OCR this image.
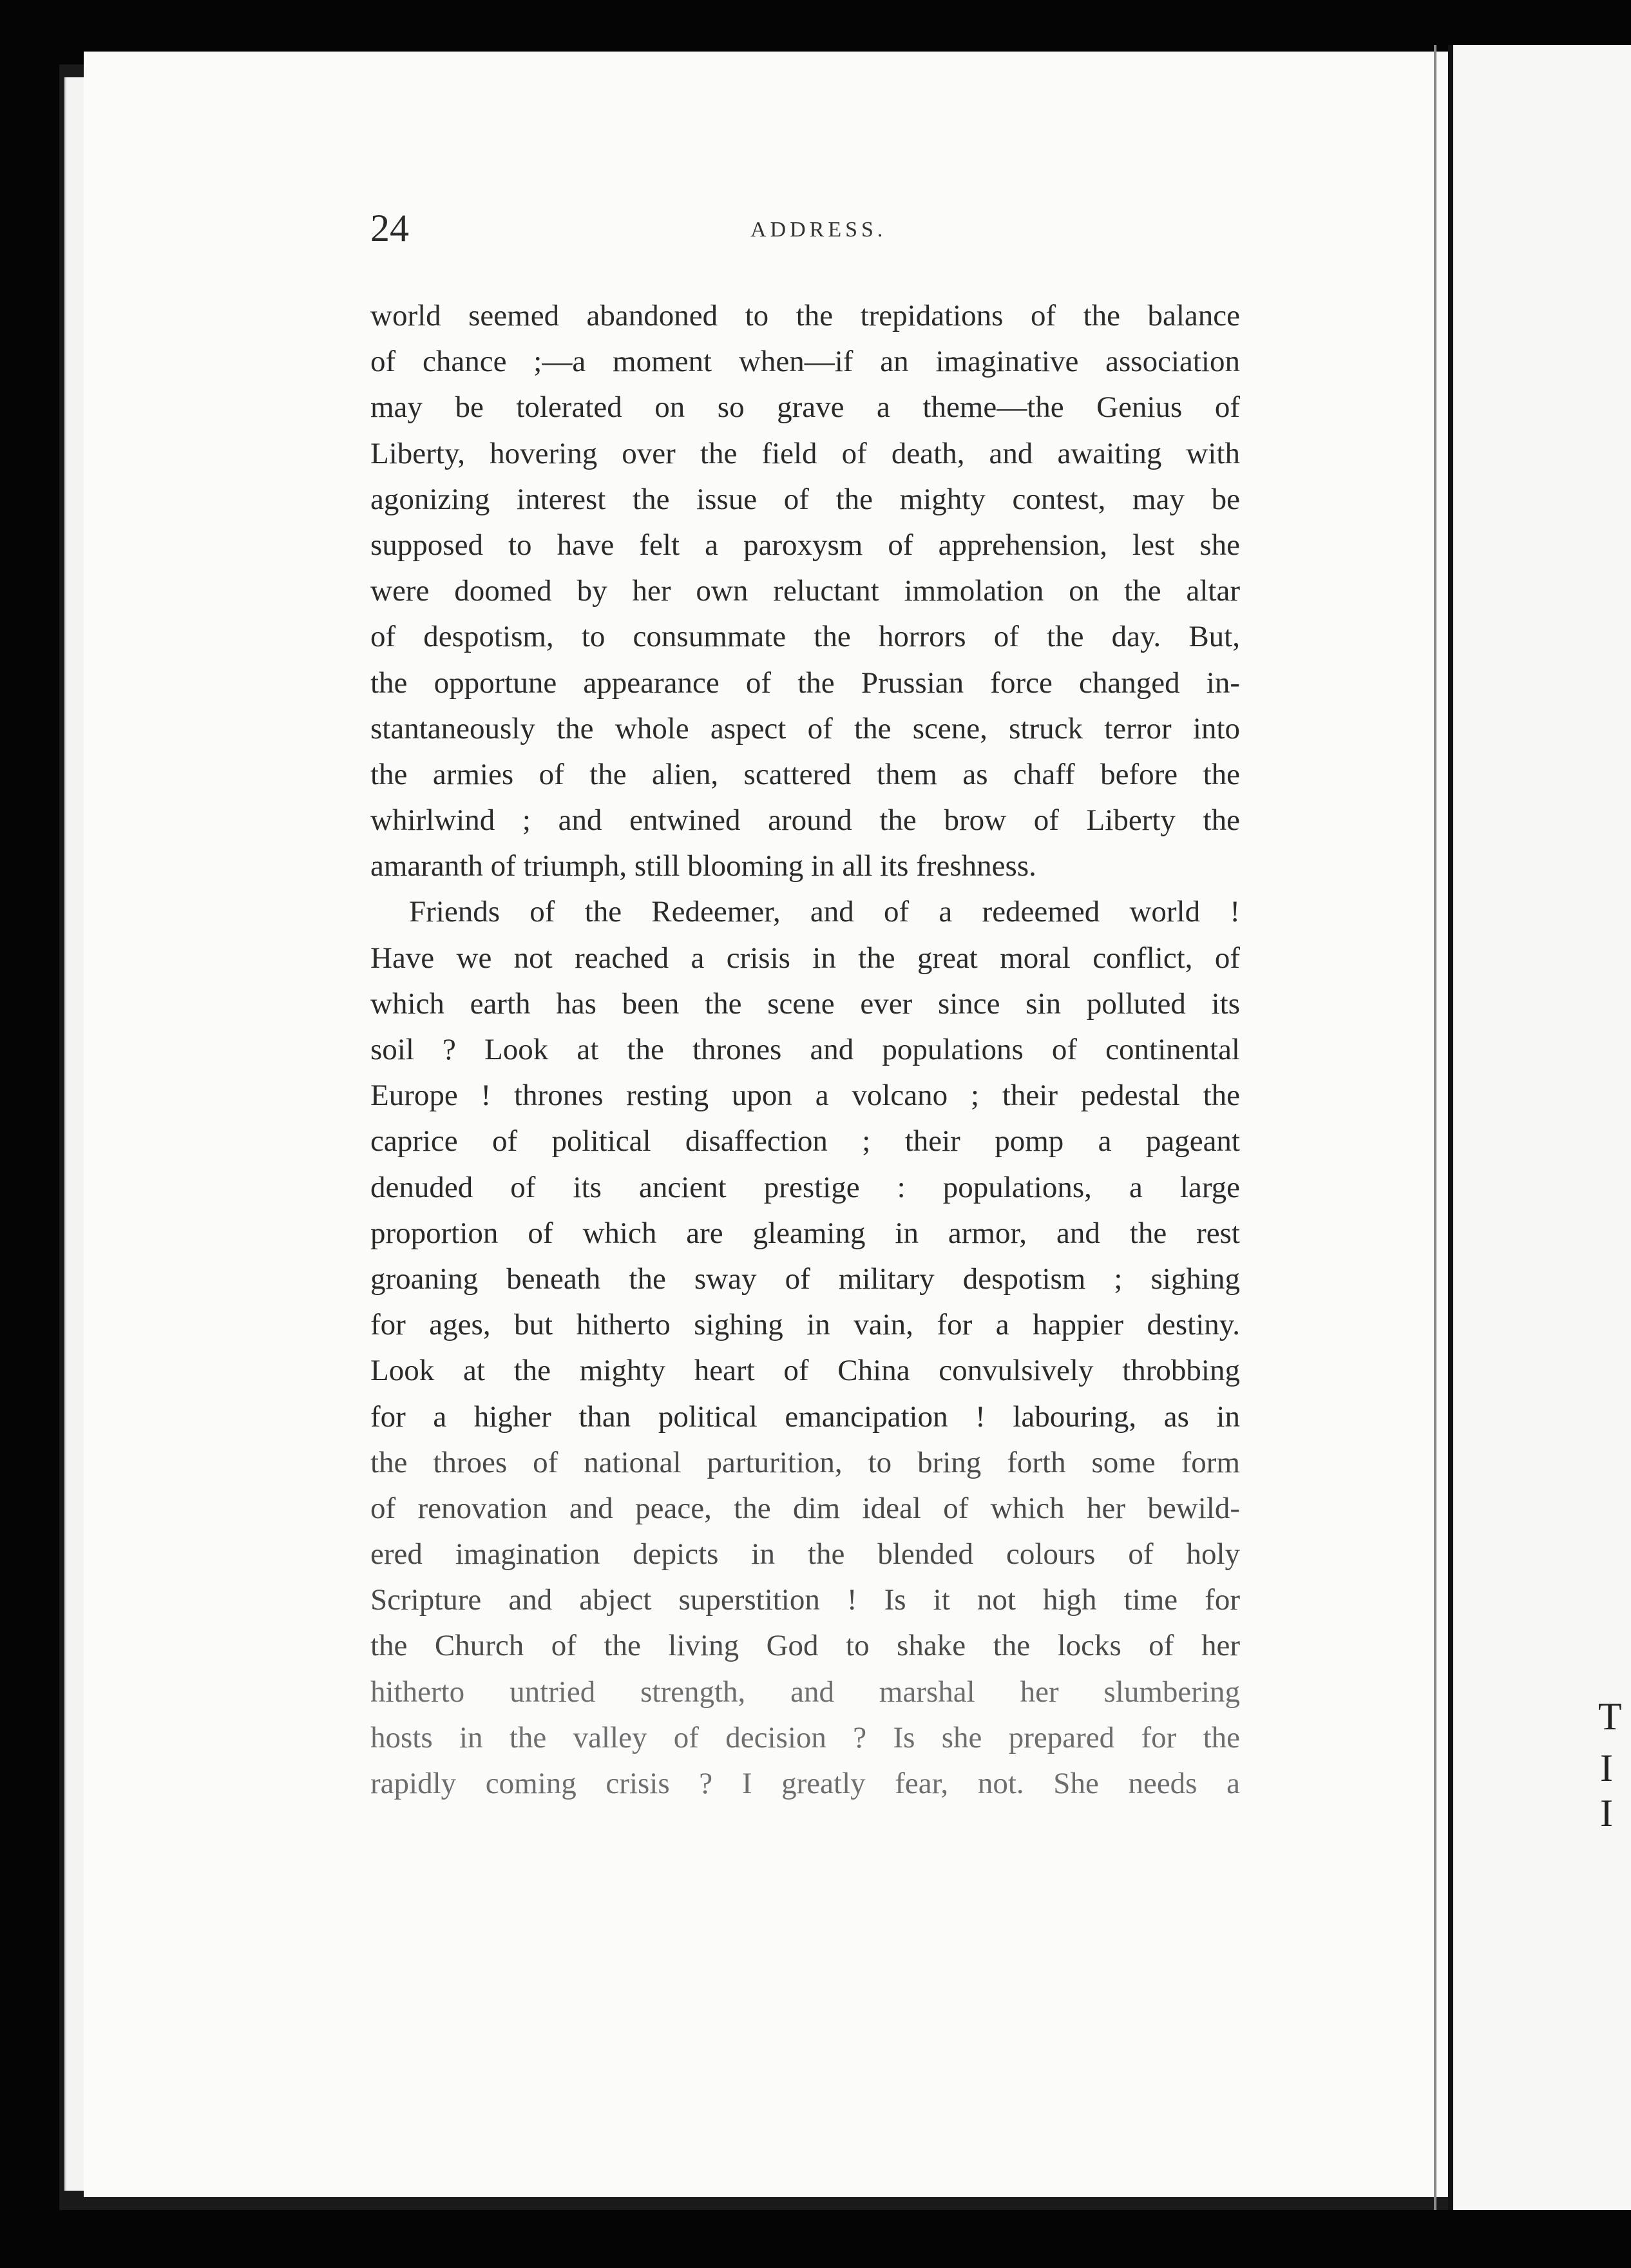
T
I
I
24	ADDRESS.
world seemed abandoned to the trepidations of the balance
of chance ;—a moment when—if an imaginative association
may be tolerated on so grave a theme—the Genius of
Liberty, hovering over the field of death, and awaiting with
agonizing interest the issue of the mighty contest, may be
supposed to have felt a paroxysm of apprehension, lest she
were doomed by her own reluctant immolation on the altar
of despotism, to consummate the horrors of the day. But,
the opportune appearance of the Prussian force changed in-
stantaneously the whole aspect of the scene, struck terror into
the armies of the alien, scattered them as chaff before the
whirlwind ; and entwined around the brow of Liberty the
amaranth of triumph, still blooming in all its freshness.
Friends of the Redeemer, and of a redeemed world !
Have we not reached a crisis in the great moral conflict, of
which earth has been the scene ever since sin polluted its
soil ? Look at the thrones and populations of continental
Europe ! thrones resting upon a volcano ; their pedestal the
caprice of political disaffection ; their pomp a pageant
denuded of its ancient prestige : populations, a large
proportion of which are gleaming in armor, and the rest
groaning beneath the sway of military despotism ; sighing
for ages, but hitherto sighing in vain, for a happier destiny.
Look at the mighty heart of China convulsively throbbing
for a higher than political emancipation ! labouring, as in
the throes of national parturition, to bring forth some form
of renovation and peace, the dim ideal of which her bewild-
ered imagination depicts in the blended colours of holy
Scripture and abject superstition ! Is it not high time for
the Church of the living God to shake the locks of her
hitherto untried strength, and marshal her slumbering
hosts in the valley of decision ? Is she prepared for the
rapidly coming crisis ? I greatly fear, not. She needs a
